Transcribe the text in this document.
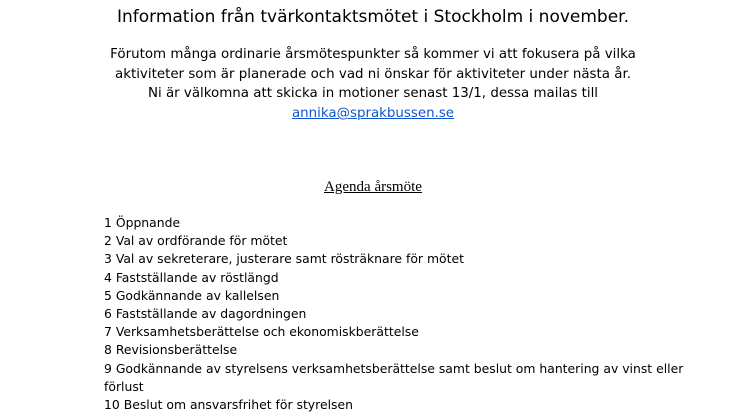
Information från tvärkontaktsmötet i Stockholm i november.
Förutom många ordinarie årsmötespunkter så kommer vi att fokusera på vilka
aktiviteter som är planerade och vad ni önskar för aktiviteter under nästa år.
Ni är välkomna att skicka in motioner senast 13/1, dessa mailas till
annika@sprakbussen.se
Agenda årsmöte
1 Öppnande
2 Val av ordförande för mötet
3 Val av sekreterare, justerare samt rösträknare för mötet
4 Fastställande av röstlängd
5 Godkännande av kallelsen
6 Fastställande av dagordningen
7 Verksamhetsberättelse och ekonomiskberättelse
8 Revisionsberättelse
9 Godkännande av styrelsens verksamhetsberättelse samt beslut om hantering av vinst eller förlust
10 Beslut om ansvarsfrihet för styrelsen
